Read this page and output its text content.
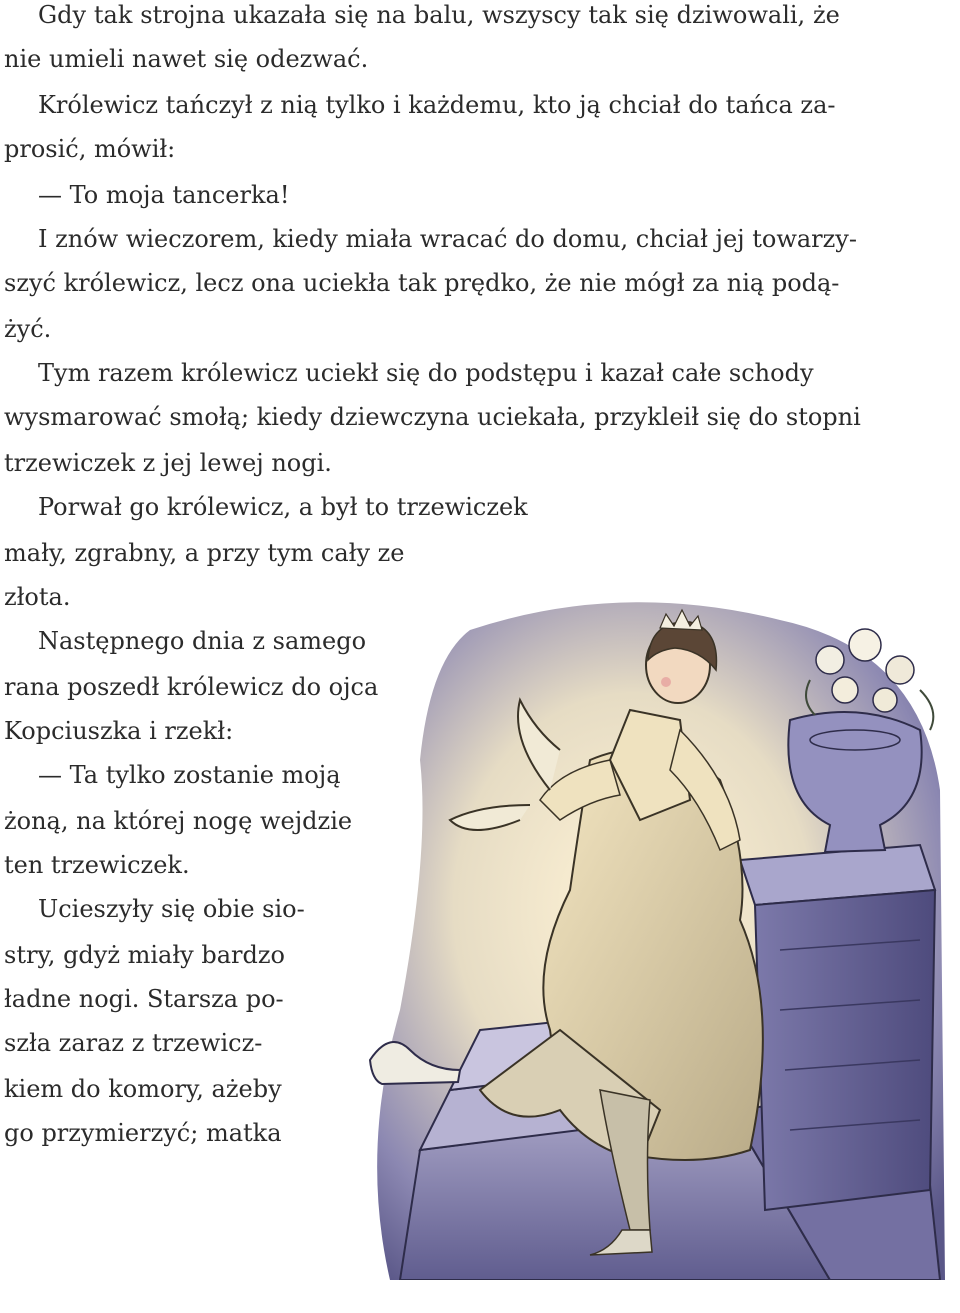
Gdy tak strojna ukazała się na balu, wszyscy tak się dziwowali, że

nie umieli nawet się odezwać.

Królewicz tańczył z nią tylko i każdemu, kto ją chciał do tańca za-

prosić, mówił:

— To moja tancerka!

I znów wieczorem, kiedy miała wracać do domu, chciał jej towarzy-

szyć królewicz, lecz ona uciekła tak prędko, że nie mógł za nią podą-

żyć.

Tym razem królewicz uciekł się do podstępu i kazał całe schody

wysmarować smołą; kiedy dziewczyna uciekała, przykleił się do stopni

trzewiczek z jej lewej nogi.

Porwał go królewicz, a był to trzewiczek

mały, zgrabny, a przy tym cały ze

złota.

Następnego dnia z samego

rana poszedł królewicz do ojca

Kopciuszka i rzekł:

— Ta tylko zostanie moją

żoną, na której nogę wejdzie

ten trzewiczek.

Ucieszyły się obie sio-

stry, gdyż miały bardzo

ładne nogi. Starsza po-

szła zaraz z trzewicz-

kiem do komory, ażeby

go przymierzyć; matka
